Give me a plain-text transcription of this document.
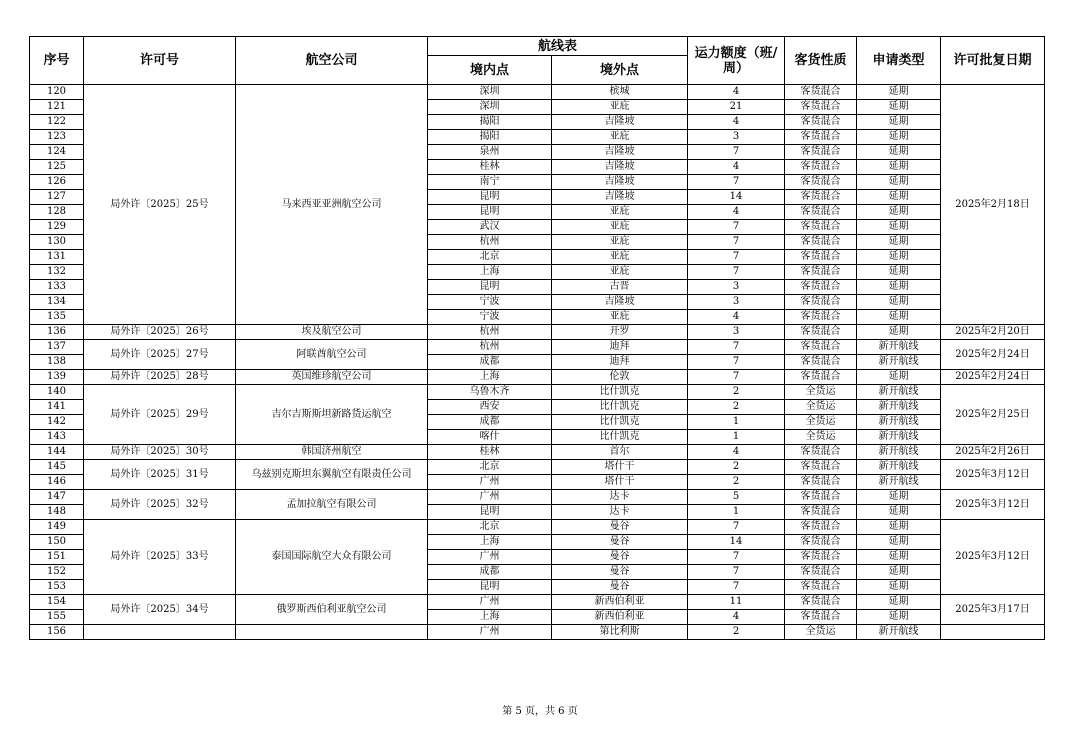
序号	许可号	航空公司	航线表		运力额度（班/周）	客货性质	申请类型	许可批复日期
			境内点	境外点				
120	局外许〔2025〕25号	马来西亚亚洲航空公司	深圳	槟城	4	客货混合	延期	2025年2月18日
121			深圳	亚庇	21	客货混合	延期	
122			揭阳	吉隆坡	4	客货混合	延期	
123			揭阳	亚庇	3	客货混合	延期	
124			泉州	吉隆坡	7	客货混合	延期	
125			桂林	吉隆坡	4	客货混合	延期	
126			南宁	吉隆坡	7	客货混合	延期	
127			昆明	吉隆坡	14	客货混合	延期	
128			昆明	亚庇	4	客货混合	延期	
129			武汉	亚庇	7	客货混合	延期	
130			杭州	亚庇	7	客货混合	延期	
131			北京	亚庇	7	客货混合	延期	
132			上海	亚庇	7	客货混合	延期	
133			昆明	古晋	3	客货混合	延期	
134			宁波	吉隆坡	3	客货混合	延期	
135			宁波	亚庇	4	客货混合	延期	
136	局外许〔2025〕26号	埃及航空公司	杭州	开罗	3	客货混合	延期	2025年2月20日
137	局外许〔2025〕27号	阿联酋航空公司	杭州	迪拜	7	客货混合	新开航线	2025年2月24日
138			成都	迪拜	7	客货混合	新开航线	
139	局外许〔2025〕28号	英国维珍航空公司	上海	伦敦	7	客货混合	延期	2025年2月24日
140	局外许〔2025〕29号	吉尔吉斯斯坦新路货运航空	乌鲁木齐	比什凯克	2	全货运	新开航线	2025年2月25日
141			西安	比什凯克	2	全货运	新开航线	
142			成都	比什凯克	1	全货运	新开航线	
143			喀什	比什凯克	1	全货运	新开航线	
144	局外许〔2025〕30号	韩国济州航空	桂林	首尔	4	客货混合	新开航线	2025年2月26日
145	局外许〔2025〕31号	乌兹别克斯坦东翼航空有限责任公司	北京	塔什干	2	客货混合	新开航线	2025年3月12日
146			广州	塔什干	2	客货混合	新开航线	
147	局外许〔2025〕32号	孟加拉航空有限公司	广州	达卡	5	客货混合	延期	2025年3月12日
148			昆明	达卡	1	客货混合	延期	
149	局外许〔2025〕33号	泰国国际航空大众有限公司	北京	曼谷	7	客货混合	延期	2025年3月12日
150			上海	曼谷	14	客货混合	延期	
151			广州	曼谷	7	客货混合	延期	
152			成都	曼谷	7	客货混合	延期	
153			昆明	曼谷	7	客货混合	延期	
154	局外许〔2025〕34号	俄罗斯西伯利亚航空公司	广州	新西伯利亚	11	客货混合	延期	2025年3月17日
155			上海	新西伯利亚	4	客货混合	延期	
156			广州	第比利斯	2	全货运	新开航线	
第 5 页，共 6 页
